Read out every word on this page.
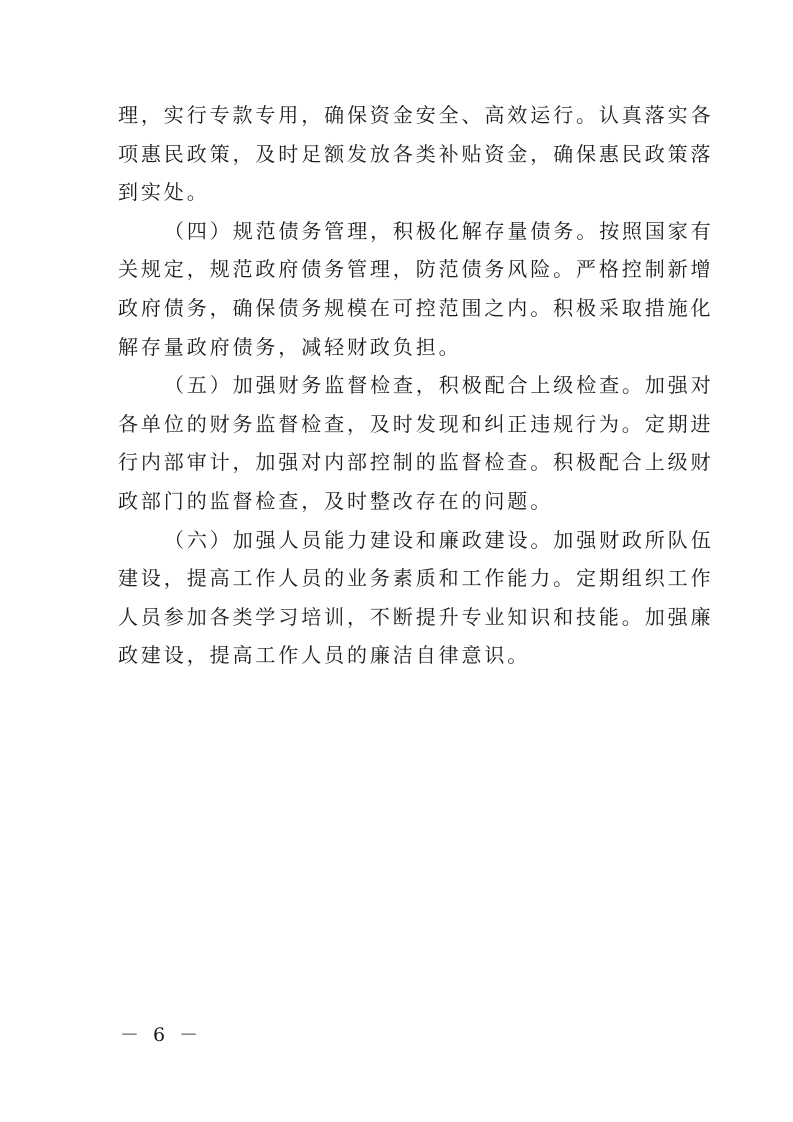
理，实行专款专用，确保资金安全、高效运行。认真落实各
项惠民政策，及时足额发放各类补贴资金，确保惠民政策落
到实处。
（四）规范债务管理，积极化解存量债务。按照国家有
关规定，规范政府债务管理，防范债务风险。严格控制新增
政府债务，确保债务规模在可控范围之内。积极采取措施化
解存量政府债务，减轻财政负担。
（五）加强财务监督检查，积极配合上级检查。加强对
各单位的财务监督检查，及时发现和纠正违规行为。定期进
行内部审计，加强对内部控制的监督检查。积极配合上级财
政部门的监督检查，及时整改存在的问题。
（六）加强人员能力建设和廉政建设。加强财政所队伍
建设，提高工作人员的业务素质和工作能力。定期组织工作
人员参加各类学习培训，不断提升专业知识和技能。加强廉
政建设，提高工作人员的廉洁自律意识。
－ 6 －
